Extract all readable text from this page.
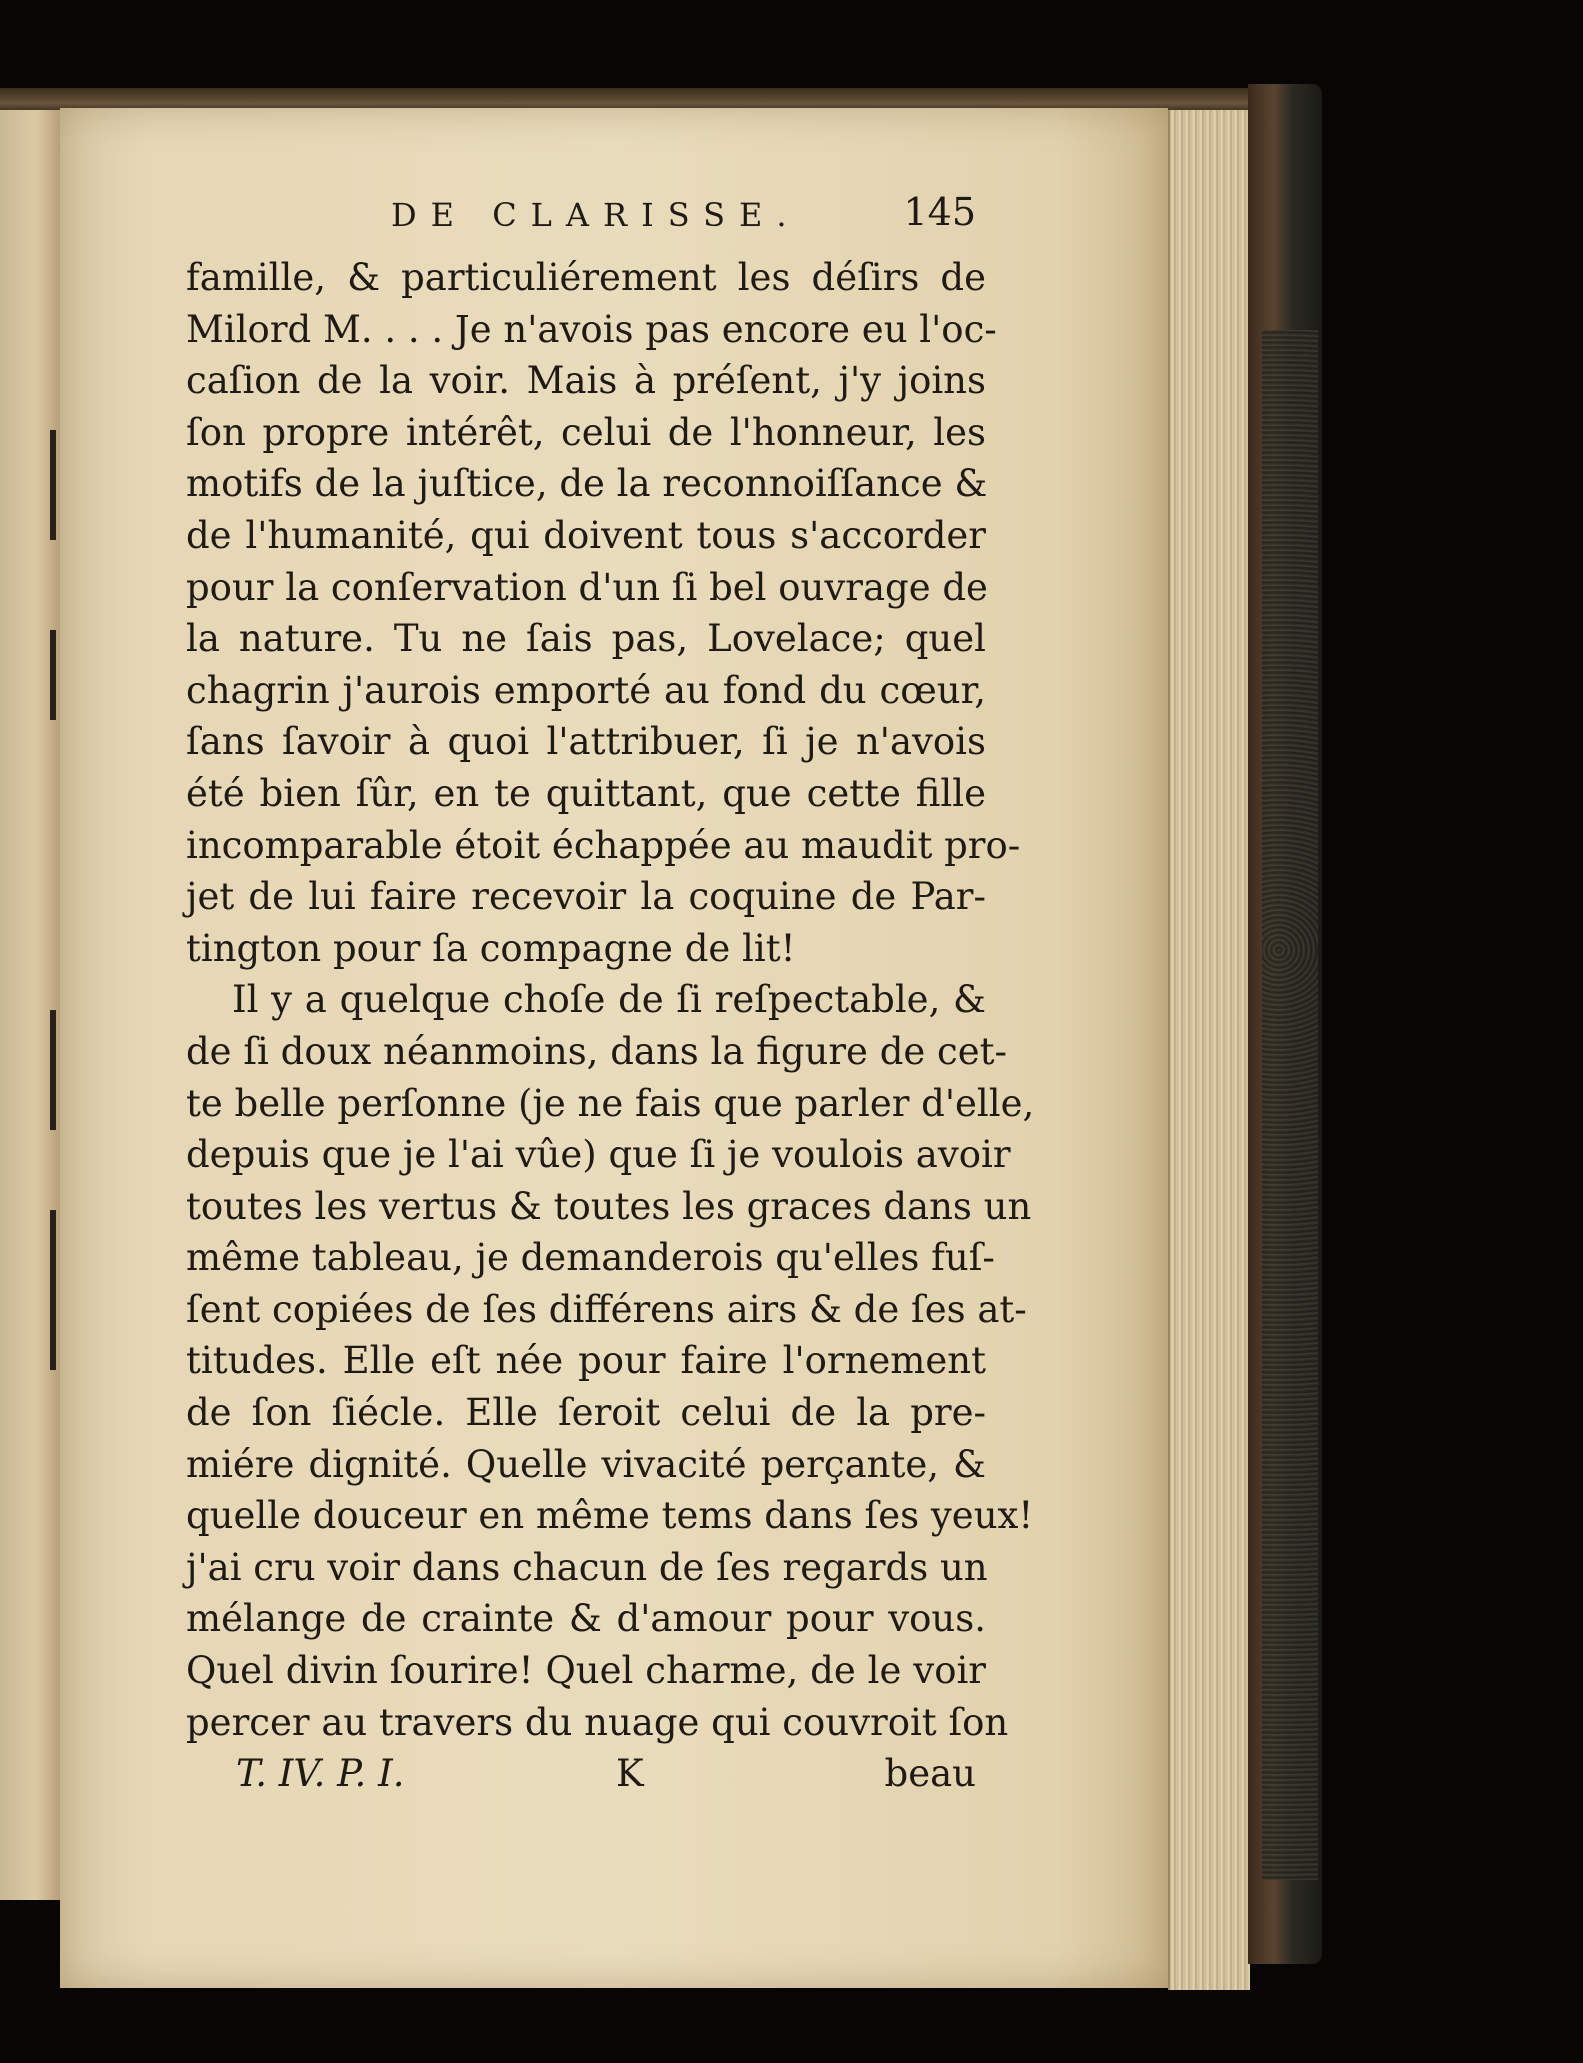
DE CLARISSE.	145
famille, & particuliérement les déſirs de
Milord M. . . . Je n'avois pas encore eu l'oc-
caſion de la voir. Mais à préſent, j'y joins
ſon propre intérêt, celui de l'honneur, les
motifs de la juſtice, de la reconnoiſſance &
de l'humanité, qui doivent tous s'accorder
pour la conſervation d'un ſi bel ouvrage de
la nature. Tu ne ſais pas, Lovelace; quel
chagrin j'aurois emporté au fond du cœur,
ſans ſavoir à quoi l'attribuer, ſi je n'avois
été bien ſûr, en te quittant, que cette fille
incomparable étoit échappée au maudit pro-
jet de lui faire recevoir la coquine de Par-
tington pour ſa compagne de lit!
Il y a quelque choſe de ſi reſpectable, &
de ſi doux néanmoins, dans la figure de cet-
te belle perſonne (je ne fais que parler d'elle,
depuis que je l'ai vûe) que ſi je voulois avoir
toutes les vertus & toutes les graces dans un
même tableau, je demanderois qu'elles fuſ-
ſent copiées de ſes différens airs & de ſes at-
titudes. Elle eſt née pour faire l'ornement
de ſon ſiécle. Elle ſeroit celui de la pre-
miére dignité. Quelle vivacité perçante, &
quelle douceur en même tems dans ſes yeux!
j'ai cru voir dans chacun de ſes regards un
mélange de crainte & d'amour pour vous.
Quel divin ſourire! Quel charme, de le voir
percer au travers du nuage qui couvroit ſon
T. IV. P. I.	K	beau
